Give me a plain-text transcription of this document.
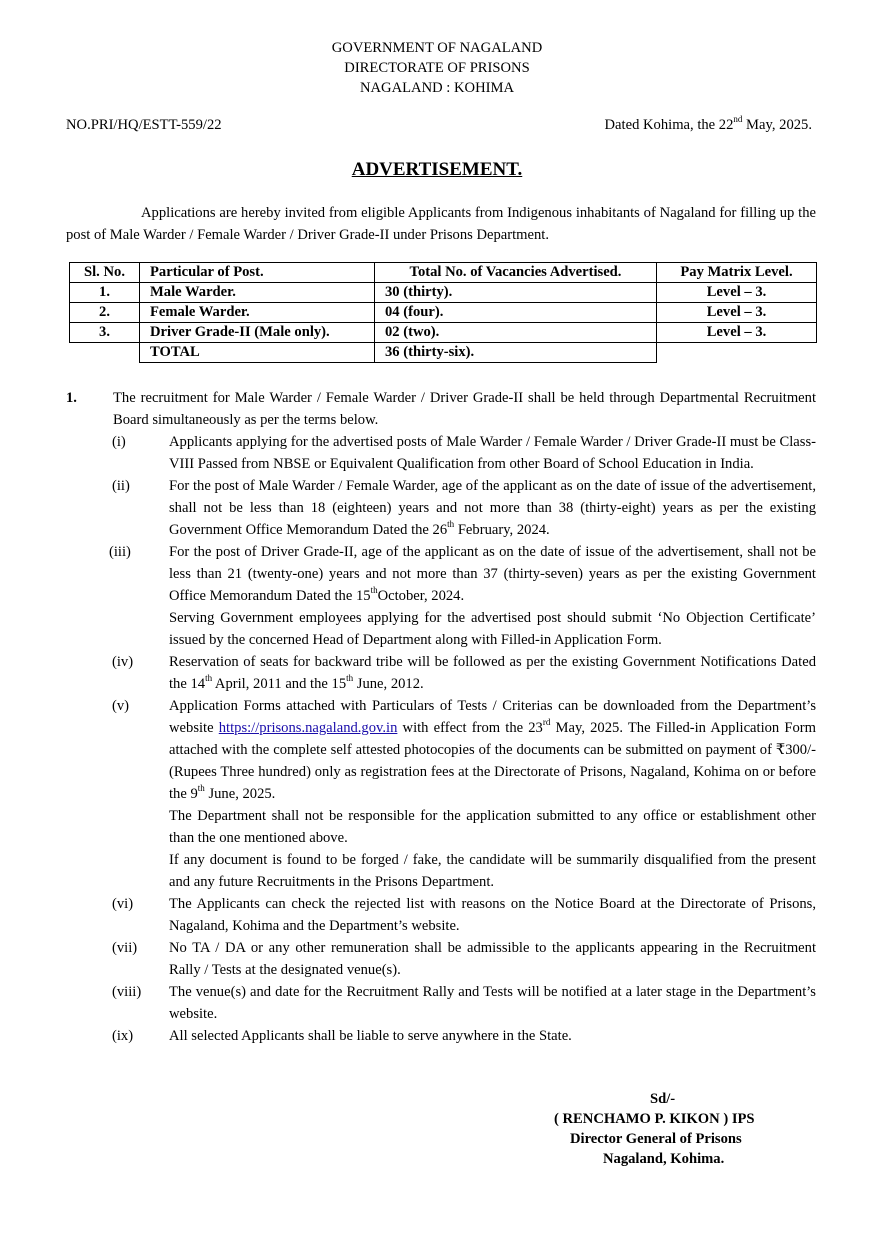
GOVERNMENT OF NAGALAND
DIRECTORATE OF PRISONS
NAGALAND : KOHIMA
NO.PRI/HQ/ESTT-559/22	Dated Kohima, the 22nd May, 2025.
ADVERTISEMENT.
Applications are hereby invited from eligible Applicants from Indigenous inhabitants of Nagaland for filling up the post of Male Warder / Female Warder / Driver Grade-II under Prisons Department.
Sl. No.	Particular of Post.	Total No. of Vacancies Advertised.	Pay Matrix Level.
1.	Male Warder.	30 (thirty).	Level – 3.
2.	Female Warder.	04 (four).	Level – 3.
3.	Driver Grade-II (Male only).	02 (two).	Level – 3.
	TOTAL	36 (thirty-six).	
1. The recruitment for Male Warder / Female Warder / Driver Grade-II shall be held through Departmental Recruitment Board simultaneously as per the terms below.
(i)	Applicants applying for the advertised posts of Male Warder / Female Warder / Driver Grade-II must be Class-VIII Passed from NBSE or Equivalent Qualification from other Board of School Education in India.
(ii)	For the post of Male Warder / Female Warder, age of the applicant as on the date of issue of the advertisement, shall not be less than 18 (eighteen) years and not more than 38 (thirty-eight) years as per the existing Government Office Memorandum Dated the 26th February, 2024.
(iii)	For the post of Driver Grade-II, age of the applicant as on the date of issue of the advertisement, shall not be less than 21 (twenty-one) years and not more than 37 (thirty-seven) years as per the existing Government Office Memorandum Dated the 15thOctober, 2024.
Serving Government employees applying for the advertised post should submit ‘No Objection Certificate’ issued by the concerned Head of Department along with Filled-in Application Form.
(iv) Reservation of seats for backward tribe will be followed as per the existing Government Notifications Dated the 14th April, 2011 and the 15th June, 2012.
(v)	Application Forms attached with Particulars of Tests / Criterias can be downloaded from the Department’s website https://prisons.nagaland.gov.in with effect from the 23rd May, 2025. The Filled-in Application Form attached with the complete self attested photocopies of the documents can be submitted on payment of ₹300/- (Rupees Three hundred) only as registration fees at the Directorate of Prisons, Nagaland, Kohima on or before the 9th June, 2025.
The Department shall not be responsible for the application submitted to any office or establishment other than the one mentioned above.
If any document is found to be forged / fake, the candidate will be summarily disqualified from the present and any future Recruitments in the Prisons Department.
(vi) The Applicants can check the rejected list with reasons on the Notice Board at the Directorate of Prisons, Nagaland, Kohima and the Department’s website.
(vii) No TA / DA or any other remuneration shall be admissible to the applicants appearing in the Recruitment Rally / Tests at the designated venue(s).
(viii) The venue(s) and date for the Recruitment Rally and Tests will be notified at a later stage in the Department’s website.
(ix) All selected Applicants shall be liable to serve anywhere in the State.
Sd/-
( RENCHAMO P. KIKON ) IPS
Director General of Prisons
Nagaland, Kohima.
